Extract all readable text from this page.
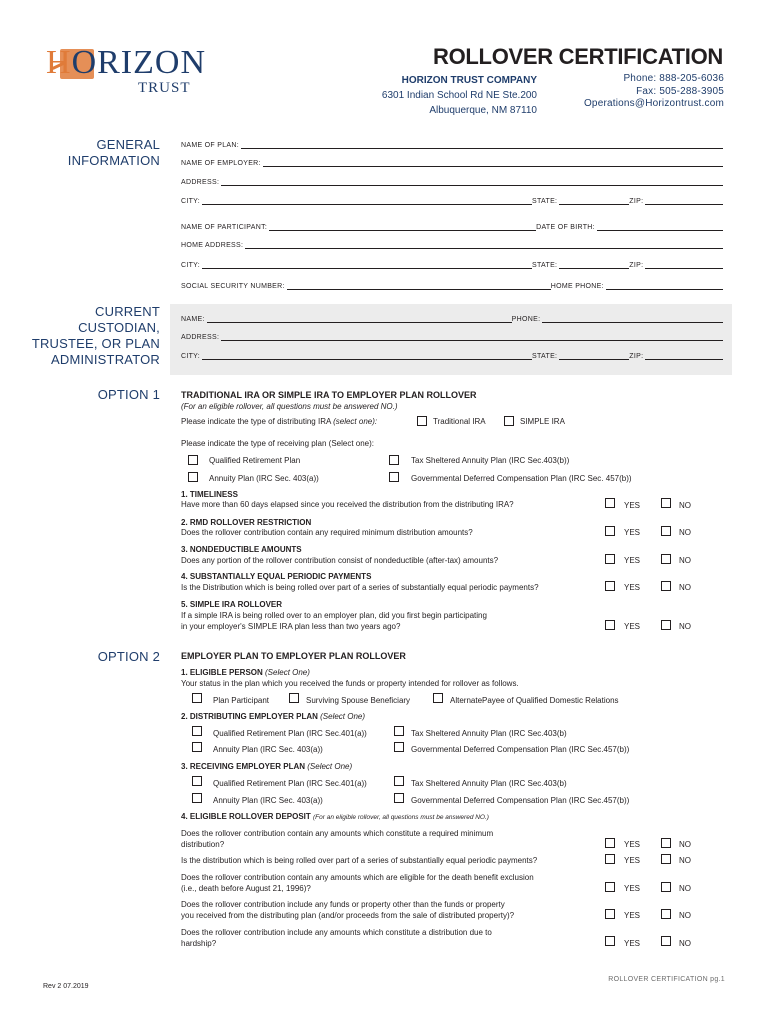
HORIZON
TRUST
ROLLOVER CERTIFICATION
HORIZON TRUST COMPANY
6301 Indian School Rd NE Ste.200
Albuquerque, NM 87110
Phone: 888-205-6036
Fax: 505-288-3905
Operations@Horizontrust.com
GENERAL
INFORMATION
NAME OF PLAN:
NAME OF EMPLOYER:
ADDRESS:
CITY:	STATE:	ZIP:
NAME OF PARTICIPANT:	DATE OF BIRTH:
HOME ADDRESS:
CITY:	STATE:	ZIP:
SOCIAL SECURITY NUMBER:	HOME PHONE:
CURRENT
CUSTODIAN,
TRUSTEE, OR PLAN
ADMINISTRATOR
NAME:	PHONE:
ADDRESS:
CITY:	STATE:	ZIP:
OPTION 1 TRADITIONAL IRA OR SIMPLE IRA TO EMPLOYER PLAN ROLLOVER
(For an eligible rollover, all questions must be answered NO.)
Please indicate the type of distributing IRA (select one):	Traditional IRA	SIMPLE IRA
Please indicate the type of receiving plan (Select one):
Qualified Retirement Plan	Tax Sheltered Annuity Plan (IRC Sec.403(b))
Annuity Plan (IRC Sec. 403(a))	Governmental Deferred Compensation Plan (IRC Sec. 457(b))
1. TIMELINESS
Have more than 60 days elapsed since you received the distribution from the distributing IRA?	YES	NO
2. RMD ROLLOVER RESTRICTION
Does the rollover contribution contain any required minimum distribution amounts?	YES	NO
3. NONDEDUCTIBLE AMOUNTS
Does any portion of the rollover contribution consist of nondeductible (after-tax) amounts?	YES	NO
4. SUBSTANTIALLY EQUAL PERIODIC PAYMENTS
Is the Distribution which is being rolled over part of a series of substantially equal periodic payments?	YES	NO
5. SIMPLE IRA ROLLOVER
If a simple IRA is being rolled over to an employer plan, did you first begin participating
in your employer's SIMPLE IRA plan less than two years ago?	YES	NO
OPTION 2 EMPLOYER PLAN TO EMPLOYER PLAN ROLLOVER
1. ELIGIBLE PERSON (Select One)
Your status in the plan which you received the funds or property intended for rollover as follows.
Plan Participant	Surviving Spouse Beneficiary	AlternatePayee of Qualified Domestic Relations
2. DISTRIBUTING EMPLOYER PLAN (Select One)
Qualified Retirement Plan (IRC Sec.401(a))	Tax Sheltered Annuity Plan (IRC Sec.403(b)
Annuity Plan (IRC Sec. 403(a))	Governmental Deferred Compensation Plan (IRC Sec.457(b))
3. RECEIVING EMPLOYER PLAN (Select One)
Qualified Retirement Plan (IRC Sec.401(a))	Tax Sheltered Annuity Plan (IRC Sec.403(b)
Annuity Plan (IRC Sec. 403(a))	Governmental Deferred Compensation Plan (IRC Sec.457(b))
4. ELIGIBLE ROLLOVER DEPOSIT (For an eligible rollover, all questions must be answered NO.)
Does the rollover contribution contain any amounts which constitute a required minimum
distribution?	YES	NO
Is the distribution which is being rolled over part of a series of substantially equal periodic payments?	YES	NO
Does the rollover contribution contain any amounts which are eligible for the death benefit exclusion
(i.e., death before August 21, 1996)?	YES	NO
Does the rollover contribution include any funds or property other than the funds or property
you received from the distributing plan (and/or proceeds from the sale of distributed property)?	YES	NO
Does the rollover contribution include any amounts which constitute a distribution due to
hardship?	YES	NO
Rev 2 07.2019
ROLLOVER CERTIFICATION pg.1
